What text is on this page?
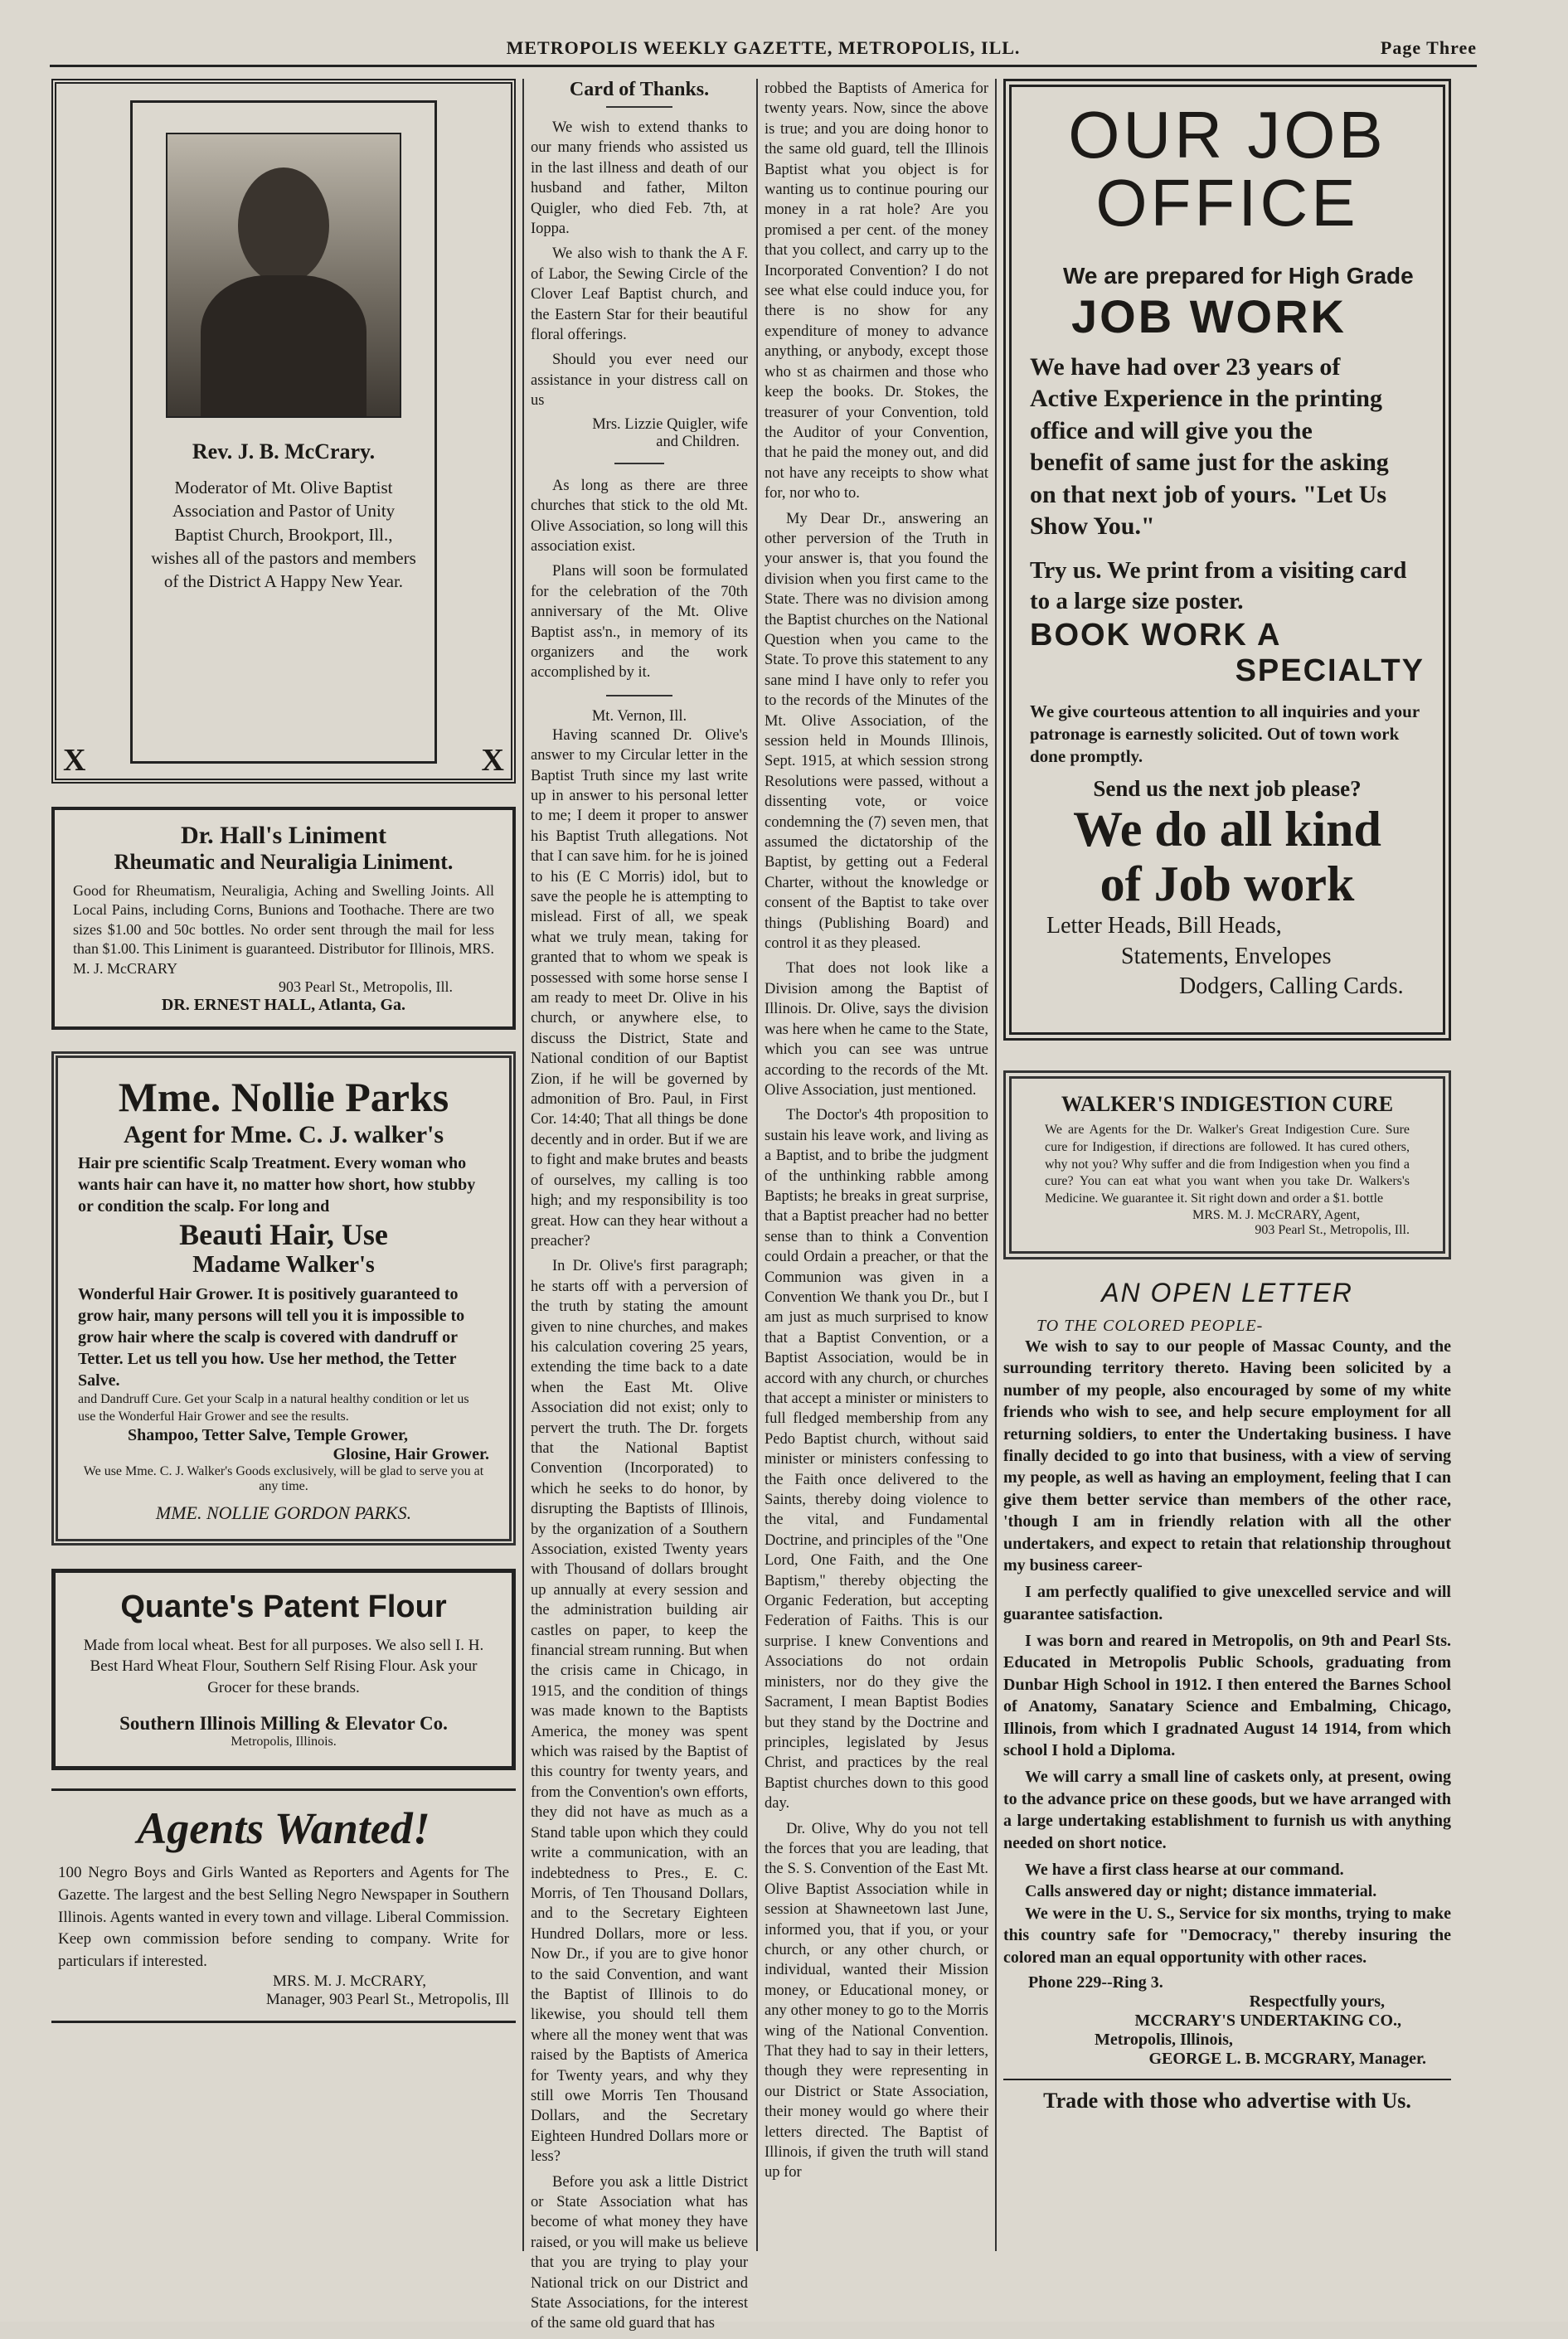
METROPOLIS WEEKLY GAZETTE, METROPOLIS, ILL.	Page Three
Rev. J. B. McCrary.
Moderator of Mt. Olive Baptist Association and Pastor of Unity Baptist Church, Brookport, Ill., wishes all of the pastors and members of the District A Happy New Year.
X	X
Dr. Hall's Liniment
Rheumatic and Neuraligia Liniment.
Good for Rheumatism, Neuraligia, Aching and Swelling Joints. All Local Pains, including Corns, Bunions and Toothache. There are two sizes $1.00 and 50c bottles. No order sent through the mail for less than $1.00. This Liniment is guaranteed. Distributor for Illinois, MRS. M. J. McCRARY
903 Pearl St., Metropolis, Ill.
DR. ERNEST HALL, Atlanta, Ga.
Mme. Nollie Parks
Agent for Mme. C. J. walker's
Hair pre scientific Scalp Treatment. Every woman who wants hair can have it, no matter how short, how stubby or condition the scalp. For long and
Beauti Hair, Use
Madame Walker's
Wonderful Hair Grower. It is positively guaranteed to grow hair, many persons will tell you it is impossible to grow hair where the scalp is covered with dandruff or Tetter. Let us tell you how. Use her method, the Tetter Salve.
and Dandruff Cure. Get your Scalp in a natural healthy condition or let us use the Wonderful Hair Grower and see the results.
Shampoo, Tetter Salve, Temple Grower,
Glosine, Hair Grower.
We use Mme. C. J. Walker's Goods exclusively, will be glad to serve you at any time.
MME. NOLLIE GORDON PARKS.
Quante's Patent Flour
Made from local wheat. Best for all purposes. We also sell I. H. Best Hard Wheat Flour, Southern Self Rising Flour. Ask your Grocer for these brands.
Southern Illinois Milling & Elevator Co.
Metropolis, Illinois.
Agents Wanted!
100 Negro Boys and Girls Wanted as Reporters and Agents for The Gazette. The largest and the best Selling Negro Newspaper in Southern Illinois. Agents wanted in every town and village. Liberal Commission. Keep own commission before sending to company. Write for particulars if interested.
MRS. M. J. McCRARY,
Manager, 903 Pearl St., Metropolis, Ill
Card of Thanks.

We wish to extend thanks to our many friends who assisted us in the last illness and death of our husband and father, Milton Quigler, who died Feb. 7th, at Ioppa.

We also wish to thank the A F. of Labor, the Sewing Circle of the Clover Leaf Baptist church, and the Eastern Star for their beautiful floral offerings.

Should you ever need our assistance in your distress call on us

Mrs. Lizzie Quigler, wife
and Children.

As long as there are three churches that stick to the old Mt. Olive Association, so long will this association exist.

Plans will soon be formulated for the celebration of the 70th anniversary of the Mt. Olive Baptist ass'n., in memory of its organizers and the work accomplished by it.

Mt. Vernon, Ill.

Having scanned Dr. Olive's answer to my Circular letter in the Baptist Truth since my last write up in answer to his personal letter to me; I deem it proper to answer his Baptist Truth allegations. Not that I can save him. for he is joined to his (E C Morris) idol, but to save the people he is attempting to mislead. First of all, we speak what we truly mean, taking for granted that to whom we speak is possessed with some horse sense I am ready to meet Dr. Olive in his church, or anywhere else, to discuss the District, State and National condition of our Baptist Zion, if he will be governed by admonition of Bro. Paul, in First Cor. 14:40; That all things be done decently and in order. But if we are to fight and make brutes and beasts of ourselves, my calling is too high; and my responsibility is too great. How can they hear without a preacher?

In Dr. Olive's first paragraph; he starts off with a perversion of the truth by stating the amount given to nine churches, and makes his calculation covering 25 years, extending the time back to a date when the East Mt. Olive Association did not exist; only to pervert the truth. The Dr. forgets that the National Baptist Convention (Incorporated) to which he seeks to do honor, by disrupting the Baptists of Illinois, by the organization of a Southern Association, existed Twenty years with Thousand of dollars brought up annually at every session and the administration building air castles on paper, to keep the financial stream running. But when the crisis came in Chicago, in 1915, and the condition of things was made known to the Baptists America, the money was spent which was raised by the Baptist of this country for twenty years, and from the Convention's own efforts, they did not have as much as a Stand table upon which they could write a communication, with an indebtedness to Pres., E. C. Morris, of Ten Thousand Dollars, and to the Secretary Eighteen Hundred Dollars, more or less. Now Dr., if you are to give honor to the said Convention, and want the Baptist of Illinois to do likewise, you should tell them where all the money went that was raised by the Baptists of America for Twenty years, and why they still owe Morris Ten Thousand Dollars, and the Secretary Eighteen Hundred Dollars more or less?

Before you ask a little District or State Association what has become of what money they have raised, or you will make us believe that you are trying to play your National trick on our District and State Associations, for the interest of the same old guard that has

robbed the Baptists of America for twenty years. Now, since the above is true; and you are doing honor to the same old guard, tell the Illinois Baptist what you object is for wanting us to continue pouring our money in a rat hole? Are you promised a per cent. of the money that you collect, and carry up to the Incorporated Convention? I do not see what else could induce you, for there is no show for any expenditure of money to advance anything, or anybody, except those who st as chairmen and those who keep the books. Dr. Stokes, the treasurer of your Convention, told the Auditor of your Convention, that he paid the money out, and did not have any receipts to show what for, nor who to.

My Dear Dr., answering an other perversion of the Truth in your answer is, that you found the division when you first came to the State. There was no division among the Baptist churches on the National Question when you came to the State. To prove this statement to any sane mind I have only to refer you to the records of the Minutes of the Mt. Olive Association, of the session held in Mounds Illinois, Sept. 1915, at which session strong Resolutions were passed, without a dissenting vote, or voice condemning the (7) seven men, that assumed the dictatorship of the Baptist, by getting out a Federal Charter, without the knowledge or consent of the Baptist to take over things (Publishing Board) and control it as they pleased.

That does not look like a Division among the Baptist of Illinois. Dr. Olive, says the division was here when he came to the State, which you can see was untrue according to the records of the Mt. Olive Association, just mentioned.

The Doctor's 4th proposition to sustain his leave work, and living as a Baptist, and to bribe the judgment of the unthinking rabble among Baptists; he breaks in great surprise, that a Baptist preacher had no better sense than to think a Convention could Ordain a preacher, or that the Communion was given in a Convention We thank you Dr., but I am just as much surprised to know that a Baptist Convention, or a Baptist Association, would be in accord with any church, or churches that accept a minister or ministers to full fledged membership from any Pedo Baptist church, without said minister or ministers confessing to the Faith once delivered to the Saints, thereby doing violence to the vital, and Fundamental Doctrine, and principles of the "One Lord, One Faith, and the One Baptism," thereby objecting the Organic Federation, but accepting Federation of Faiths. This is our surprise. I knew Conventions and Associations do not ordain ministers, nor do they give the Sacrament, I mean Baptist Bodies but they stand by the Doctrine and principles, legislated by Jesus Christ, and practices by the real Baptist churches down to this good day.

Dr. Olive, Why do you not tell the forces that you are leading, that the S. S. Convention of the East Mt. Olive Baptist Association while in session at Shawneetown last June, informed you, that if you, or your church, or any other church, or individual, wanted their Mission money, or Educational money, or any other money to go to the Morris wing of the National Convention. That they had to say in their letters, though they were representing in our District or State Association, their money would go where their letters directed. The Baptist of Illinois, if given the truth will stand up for

OUR JOB
OFFICE
We are prepared for High Grade
JOB WORK
We have had over 23 years of Active Experience in the printing office and will give you the benefit of same just for the asking on that next job of yours. "Let Us Show You."
Try us. We print from a visiting card to a large size poster.
BOOK WORK A
SPECIALTY
We give courteous attention to all inquiries and your patronage is earnestly solicited. Out of town work done promptly.
Send us the next job please?
We do all kind
of Job work
Letter Heads, Bill Heads,
Statements, Envelopes
Dodgers, Calling Cards.
WALKER'S INDIGESTION CURE
We are Agents for the Dr. Walker's Great Indigestion Cure. Sure cure for Indigestion, if directions are followed. It has cured others, why not you? Why suffer and die from Indigestion when you find a cure? You can eat what you want when you take Dr. Walkers's Medicine. We guarantee it. Sit right down and order a $1. bottle
MRS. M. J. McCRARY, Agent,
903 Pearl St., Metropolis, Ill.
AN OPEN LETTER
TO THE COLORED PEOPLE-

We wish to say to our people of Massac County, and the surrounding territory thereto. Having been solicited by a number of my people, also encouraged by some of my white friends who wish to see, and help secure employment for all returning soldiers, to enter the Undertaking business. I have finally decided to go into that business, with a view of serving my people, as well as having an employment, feeling that I can give them better service than members of the other race, 'though I am in friendly relation with all the other undertakers, and expect to retain that relationship throughout my business career-

I am perfectly qualified to give unexcelled service and will guarantee satisfaction.

I was born and reared in Metropolis, on 9th and Pearl Sts. Educated in Metropolis Public Schools, graduating from Dunbar High School in 1912. I then entered the Barnes School of Anatomy, Sanatary Science and Embalming, Chicago, Illinois, from which I gradnated August 14 1914, from which school I hold a Diploma.

We will carry a small line of caskets only, at present, owing to the advance price on these goods, but we have arranged with a large undertaking establishment to furnish us with anything needed on short notice.

We have a first class hearse at our command.

Calls answered day or night; distance immaterial.

We were in the U. S., Service for six months, trying to make this country safe for "Democracy," thereby insuring the colored man an equal opportunity with other races.

Phone 229--Ring 3.
Respectfully yours,
MCCRARY'S UNDERTAKING CO.,
Metropolis, Illinois,
GEORGE L. B. MCGRARY, Manager.
Trade with those who advertise with Us.
